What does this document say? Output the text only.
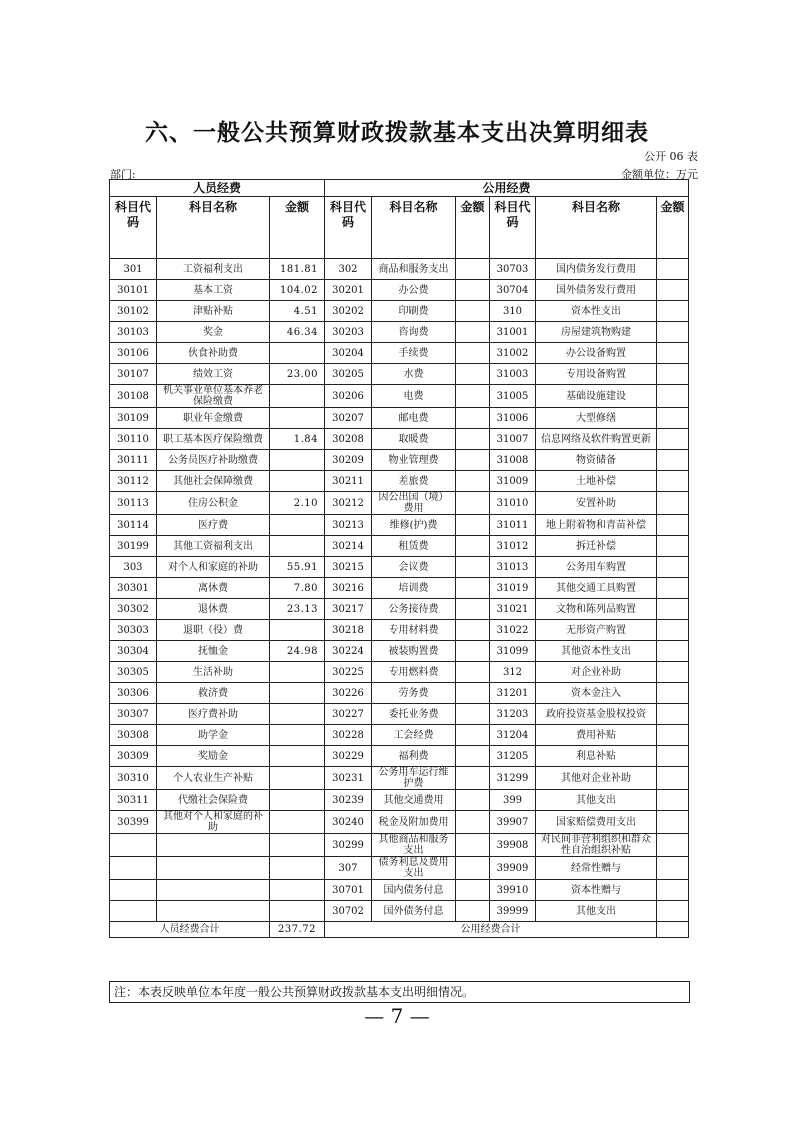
六、一般公共预算财政拨款基本支出决算明细表
公开 06 表
部门:	金额单位：万元
人员经费			公用经费					
科目代码	科目名称	金额	科目代码	科目名称	金额	科目代码	科目名称	金额
301	工资福利支出	181.81	302	商品和服务支出		30703	国内债务发行费用	
30101	基本工资	104.02	30201	办公费		30704	国外债务发行费用	
30102	津贴补贴	4.51	30202	印刷费		310	资本性支出	
30103	奖金	46.34	30203	咨询费		31001	房屋建筑物购建	
30106	伙食补助费		30204	手续费		31002	办公设备购置	
30107	绩效工资	23.00	30205	水费		31003	专用设备购置	
30108	机关事业单位基本养老保险缴费		30206	电费		31005	基础设施建设	
30109	职业年金缴费		30207	邮电费		31006	大型修缮	
30110	职工基本医疗保险缴费	1.84	30208	取暖费		31007	信息网络及软件购置更新	
30111	公务员医疗补助缴费		30209	物业管理费		31008	物资储备	
30112	其他社会保障缴费		30211	差旅费		31009	土地补偿	
30113	住房公积金	2.10	30212	因公出国（境）费用		31010	安置补助	
30114	医疗费		30213	维修(护)费		31011	地上附着物和青苗补偿	
30199	其他工资福利支出		30214	租赁费		31012	拆迁补偿	
303	对个人和家庭的补助	55.91	30215	会议费		31013	公务用车购置	
30301	离休费	7.80	30216	培训费		31019	其他交通工具购置	
30302	退休费	23.13	30217	公务接待费		31021	文物和陈列品购置	
30303	退职（役）费		30218	专用材料费		31022	无形资产购置	
30304	抚恤金	24.98	30224	被装购置费		31099	其他资本性支出	
30305	生活补助		30225	专用燃料费		312	对企业补助	
30306	救济费		30226	劳务费		31201	资本金注入	
30307	医疗费补助		30227	委托业务费		31203	政府投资基金股权投资	
30308	助学金		30228	工会经费		31204	费用补贴	
30309	奖励金		30229	福利费		31205	利息补贴	
30310	个人农业生产补贴		30231	公务用车运行维护费		31299	其他对企业补助	
30311	代缴社会保险费		30239	其他交通费用		399	其他支出	
30399	其他对个人和家庭的补助		30240	税金及附加费用		39907	国家赔偿费用支出	
			30299	其他商品和服务支出		39908	对民间非营利组织和群众性自治组织补贴	
			307	债务利息及费用支出		39909	经常性赠与	
			30701	国内债务付息		39910	资本性赠与	
			30702	国外债务付息		39999	其他支出	
人员经费合计		237.72	公用经费合计					
注：本表反映单位本年度一般公共预算财政拨款基本支出明细情况。
— 7 —
